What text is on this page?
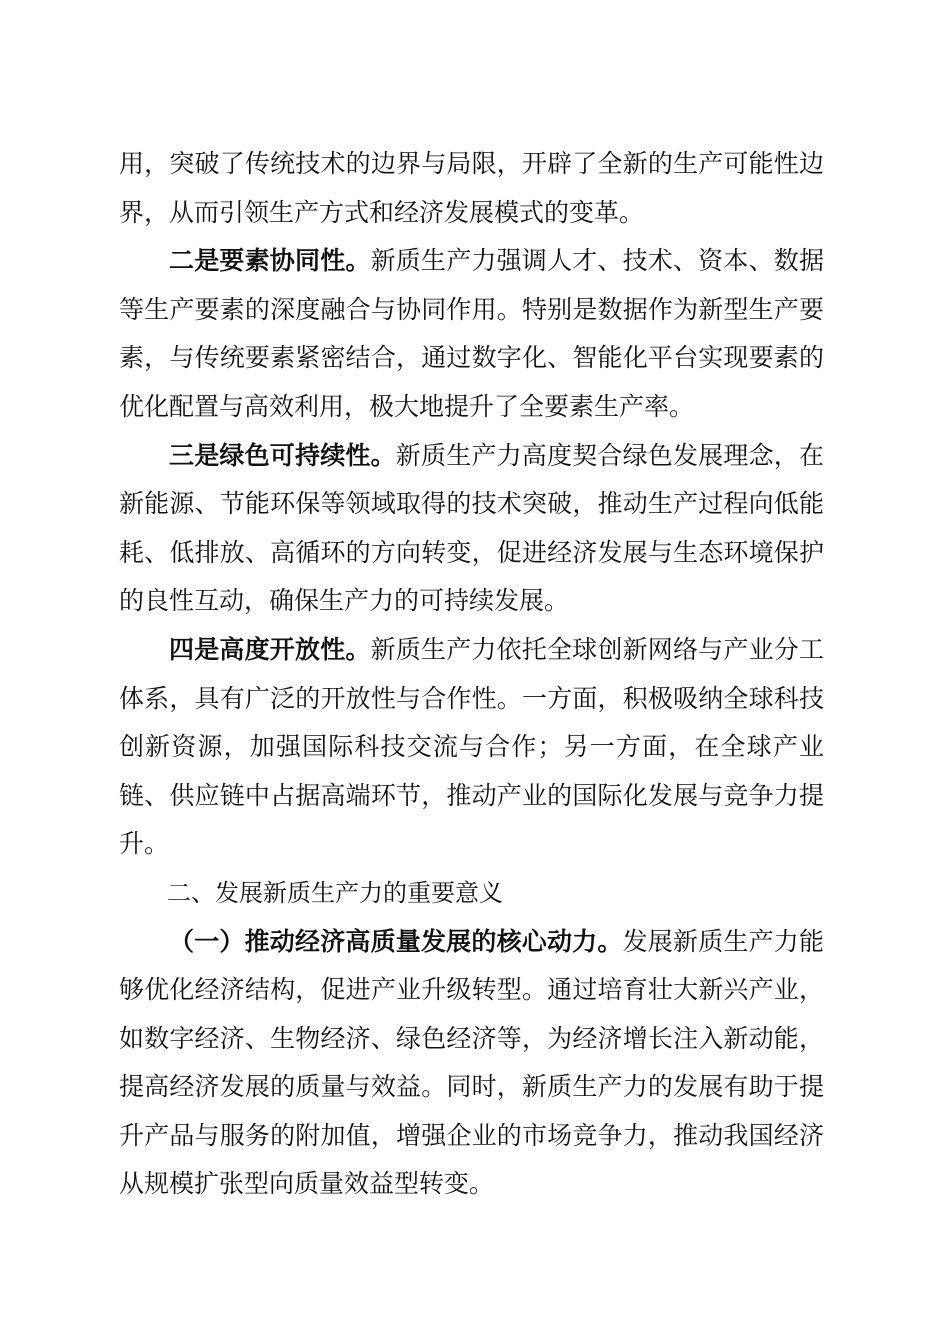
用，突破了传统技术的边界与局限，开辟了全新的生产可能性边界，从而引领生产方式和经济发展模式的变革。

二是要素协同性。新质生产力强调人才、技术、资本、数据等生产要素的深度融合与协同作用。特别是数据作为新型生产要素，与传统要素紧密结合，通过数字化、智能化平台实现要素的优化配置与高效利用，极大地提升了全要素生产率。

三是绿色可持续性。新质生产力高度契合绿色发展理念，在新能源、节能环保等领域取得的技术突破，推动生产过程向低能耗、低排放、高循环的方向转变，促进经济发展与生态环境保护的良性互动，确保生产力的可持续发展。

四是高度开放性。新质生产力依托全球创新网络与产业分工体系，具有广泛的开放性与合作性。一方面，积极吸纳全球科技创新资源，加强国际科技交流与合作；另一方面，在全球产业链、供应链中占据高端环节，推动产业的国际化发展与竞争力提升。

二、发展新质生产力的重要意义

（一）推动经济高质量发展的核心动力。发展新质生产力能够优化经济结构，促进产业升级转型。通过培育壮大新兴产业，如数字经济、生物经济、绿色经济等，为经济增长注入新动能，提高经济发展的质量与效益。同时，新质生产力的发展有助于提升产品与服务的附加值，增强企业的市场竞争力，推动我国经济从规模扩张型向质量效益型转变。
